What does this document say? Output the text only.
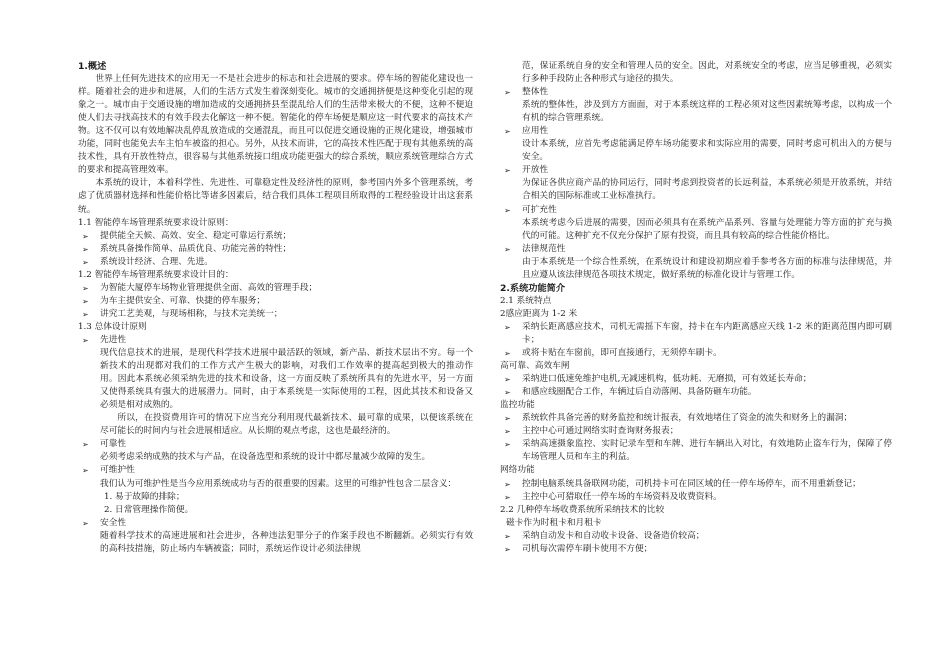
1.概述
世界上任何先进技术的应用无一不是社会进步的标志和社会进展的要求。停车场的智能化建设也一样。随着社会的进步和进展，人们的生活方式发生着深刻变化。城市的交通拥挤便是这种变化引起的现象之一。城市由于交通设施的增加造成的交通拥挤县至混乱给人们的生活带来极大的不便，这种不便迫使人们去寻找高技术的有效手段去化解这一种不便。智能化的停车场便是顺应这一时代要求的高技术产物。这不仅可以有效地解决乱停乱放造成的交通混乱，而且可以促进交通设施的正规化建设，增强城市功能，同时也能免去车主怕车被盗的担心。另外，从技术而讲，它的高技术性匹配于现有其他系统的高技术性，具有开放性特点，很容易与其他系统接口组成功能更强大的综合系统，顺应系统管理综合方式的要求和提高管理效率。
本系统的设计，本着科学性、先进性、可靠稳定性及经济性的原则，参考国内外多个管理系统，考虑了优质器材选择和性能价格比等诸多因素后，结合我们具体工程项目所取得的工程经验设计出这套系统。
1.1 智能停车场管理系统要求设计原则：
➢ 提供能全天候、高效、安全、稳定可靠运行系统；
➢ 系统具备操作简单、品质优良、功能完善的特性；
➢ 系统设计经济、合理、先进。
1.2 智能停车场管理系统要求设计目的：
➢ 为智能大厦停车场物业管理提供全面、高效的管理手段；
➢ 为车主提供安全、可靠、快捷的停车服务；
➢ 讲究工艺美观，与现场相称，与技术完美统一；
1.3 总体设计原则
➢ 先进性
现代信息技术的进展，是现代科学技术进展中最活跃的领域，新产品、新技术层出不穷。每一个新技术的出现都对我们的工作方式产生极大的影响，对我们工作效率的提高起到极大的推动作用。因此本系统必须采纳先进的技术和设备，这一方面反映了系统所具有的先进水平，另一方面又使得系统具有强大的进展潜力。同时，由于本系统是一实际使用的工程，因此其技术和设备又必须是相对成熟的。
所以，在投资费用许可的情况下应当充分利用现代最新技术、最可靠的成果，以便该系统在尽可能长的时间内与社会进展相适应。从长期的观点考虑，这也是最经济的。
➢ 可靠性
必须考虑采纳成熟的技术与产品，在设备选型和系统的设计中都尽量减少故障的发生。
➢ 可维护性
我们认为可维护性是当今应用系统成功与否的很重要的因素。这里的可维护性包含二层含义：
1. 易于故障的排除；
2. 日常管理操作简便。
➢ 安全性
随着科学技术的高速进展和社会进步，各种违法犯罪分子的作案手段也不断翻新。必须实行有效的高科技措施，防止场内车辆被盗；同时，系统运作设计必须法律规
范，保证系统自身的安全和管理人员的安全。因此，对系统安全的考虑，应当足够重视，必须实行多种手段防止各种形式与途径的损失。
➢ 整体性
系统的整体性，涉及到方方面面，对于本系统这样的工程必须对这些因素统筹考虑，以构成一个有机的综合管理系统。
➢ 应用性
设计本系统，应首先考虑能满足停车场功能要求和实际应用的需要，同时考虑可机出入的方便与安全。
➢ 开放性
为保证各供应商产品的协同运行，同时考虑到投资者的长远利益，本系统必须是开放系统，并结合相关的国际标准或工业标准执行。
➢ 可扩充性
本系统考虑今后进展的需要，因而必须具有在系统产品系列、容量与处理能力等方面的扩充与换代的可能。这种扩充不仅充分保护了原有投资，而且具有较高的综合性能价格比。
➢ 法律规范性
由于本系统是一个综合性系统，在系统设计和建设初期应着手参考各方面的标准与法律规范，并且应遵从该法律规范各项技术规定，做好系统的标准化设计与管理工作。
2.系统功能简介
2.1 系统特点
2感应距离为 1-2 米
➢ 采纳长距离感应技术，司机无需摇下车窗，持卡在车内距离感应天线 1-2 米的距离范围内即可刷卡；
➢ 或将卡贴在车窗前，即可直接通行，无须停车刷卡。
高可靠、高效车闸
➢ 采纳进口低速免维护电机,无减速机构，低功耗、无磨损，可有效延长寿命；
➢ 和感应线圈配合工作，车辆过后自动落闸、具备防砸车功能。
监控功能
➢ 系统软件具备完善的财务监控和统计报表，有效地堵住了资金的流失和财务上的漏洞；
➢ 主控中心可通过网络实时查询财务报表；
➢ 采纳高速摄象监控、实时记录车型和车牌、进行车辆出入对比，有效地防止盗车行为，保障了停车场管理人员和车主的利益。
网络功能
➢ 控制电脑系统具备联网功能，司机持卡可在同区域的任一停车场停车，而不用重新登记；
➢ 主控中心可猎取任一停车场的车场资料及收费资料。
2.2 几种停车场收费系统所采纳技术的比较
磁卡作为时租卡和月租卡
➢ 采纳自动发卡和自动收卡设备、设备造价较高；
➢ 司机每次需停车刷卡使用不方便；
